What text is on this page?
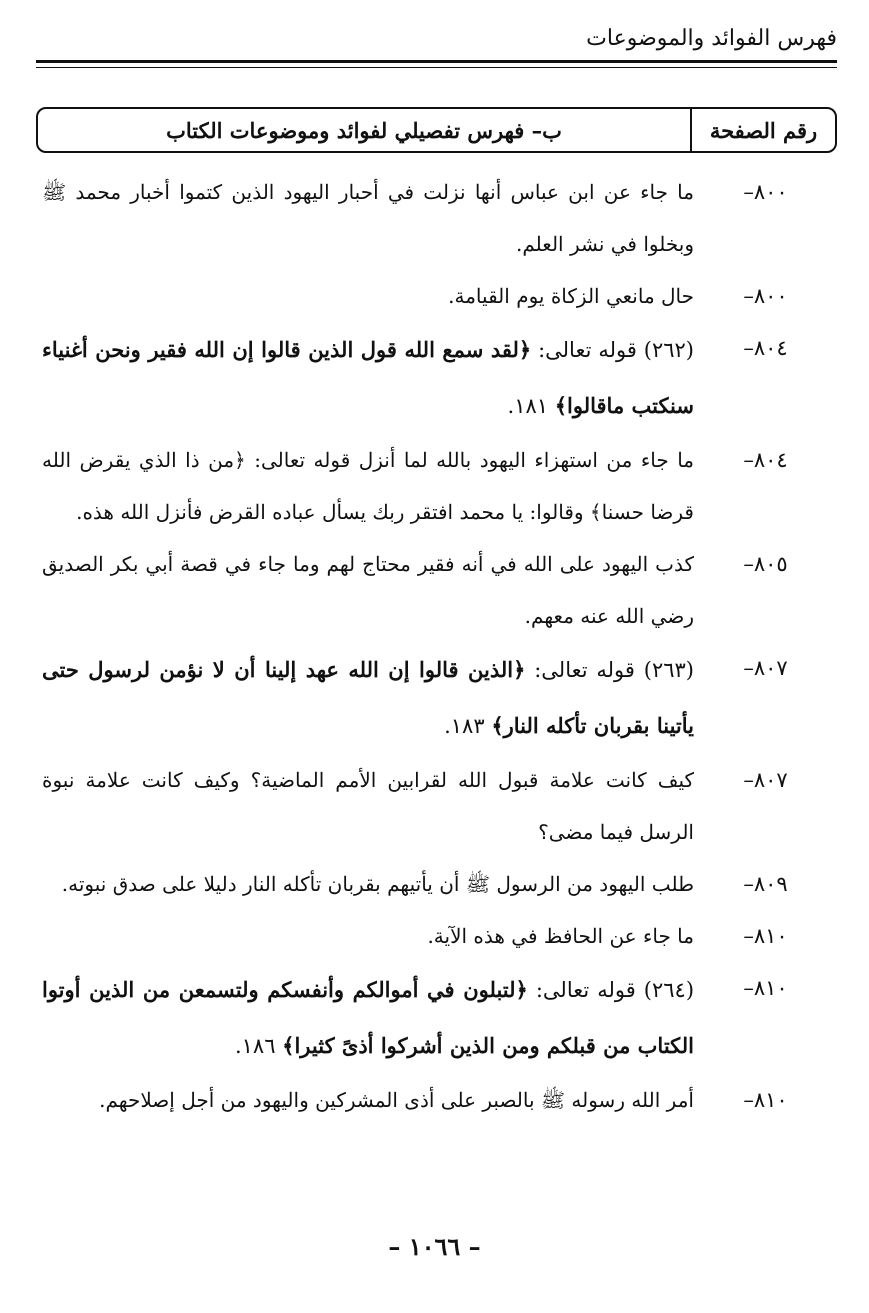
فهرس الفوائد والموضوعات
رقم الصفحة
ب– فهرس تفصيلي لفوائد وموضوعات الكتاب
٨٠٠–
ما جاء عن ابن عباس أنها نزلت في أحبار اليهود الذين كتموا أخبار محمد ﷺ وبخلوا في نشر العلم.
٨٠٠–
حال مانعي الزكاة يوم القيامة.
٨٠٤–
(٢٦٢) قوله تعالى: ﴿لقد سمع الله قول الذين قالوا إن الله فقير ونحن أغنياء سنكتب ماقالوا﴾ ١٨١.
٨٠٤–
ما جاء من استهزاء اليهود بالله لما أنزل قوله تعالى: ﴿من ذا الذي يقرض الله قرضا حسنا﴾ وقالوا: يا محمد افتقر ربك يسأل عباده القرض فأنزل الله هذه.
٨٠٥–
كذب اليهود على الله في أنه فقير محتاج لهم وما جاء في قصة أبي بكر الصديق رضي الله عنه معهم.
٨٠٧–
(٢٦٣) قوله تعالى: ﴿الذين قالوا إن الله عهد إلينا أن لا نؤمن لرسول حتى يأتينا بقربان تأكله النار﴾ ١٨٣.
٨٠٧–
كيف كانت علامة قبول الله لقرابين الأمم الماضية؟ وكيف كانت علامة نبوة الرسل فيما مضى؟
٨٠٩–
طلب اليهود من الرسول ﷺ أن يأتيهم بقربان تأكله النار دليلا على صدق نبوته.
٨١٠–
ما جاء عن الحافظ في هذه الآية.
٨١٠–
(٢٦٤) قوله تعالى: ﴿لتبلون في أموالكم وأنفسكم ولتسمعن من الذين أوتوا الكتاب من قبلكم ومن الذين أشركوا أذىً كثيرا﴾ ١٨٦.
٨١٠–
أمر الله رسوله ﷺ بالصبر على أذى المشركين واليهود من أجل إصلاحهم.
– ١٠٦٦ –
